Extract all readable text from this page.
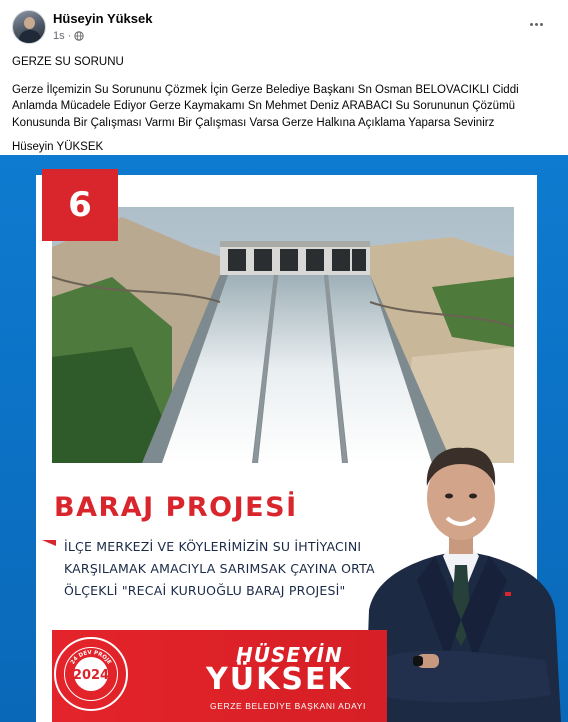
Hüseyin Yüksek
1s ·

GERZE SU SORUNU

Gerze İlçemizin Su Sorununu Çözmek İçin Gerze Belediye Başkanı Sn Osman BELOVACIKLI Ciddi Anlamda Mücadele Ediyor Gerze Kaymakamı Sn Mehmet Deniz ARABACI Su Sorununun Çözümü Konusunda Bir Çalışması Varmı Bir Çalışması Varsa Gerze Halkına Açıklama Yaparsa Sevinirz

Hüseyin YÜKSEK

6
BARAJ PROJESİ
İLÇE MERKEZİ VE KÖYLERİMİZİN SU İHTİYACINI KARŞILAMAK AMACIYLA SARIMSAK ÇAYINA ORTA ÖLÇEKLİ "RECAİ KURUOĞLU BARAJ PROJESİ"
2024
24 DEV PROJE	HÜSEYİN
YÜKSEK
GERZE BELEDİYE BAŞKANI ADAYI
